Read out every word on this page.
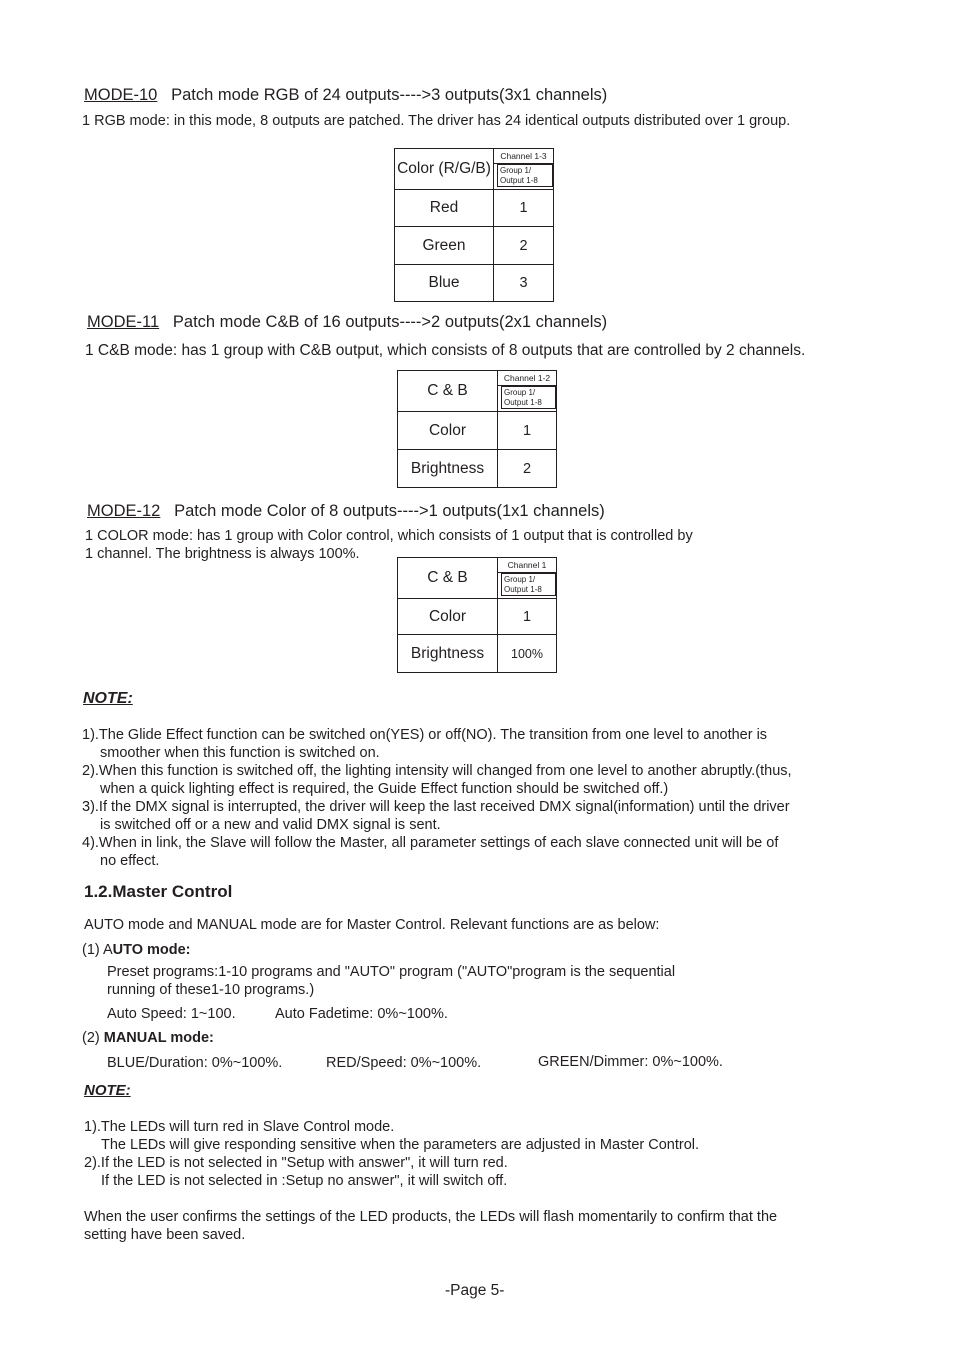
MODE-10 Patch mode RGB of 24 outputs---->3 outputs(3x1 channels)
1 RGB mode: in this mode, 8 outputs are patched. The driver has 24 identical outputs distributed over 1 group.
Color (R/G/B)	Channel 1-3
Group 1/
Output 1-8

Red	1
Green	2
Blue	3
MODE-11 Patch mode C&B of 16 outputs---->2 outputs(2x1 channels)
1 C&B mode: has 1 group with C&B output, which consists of 8 outputs that are controlled by 2 channels.
C & B	Channel 1-2
Group 1/
Output 1-8

Color	1
Brightness	2
MODE-12 Patch mode Color of 8 outputs---->1 outputs(1x1 channels)
1 COLOR mode: has 1 group with Color control, which consists of 1 output that is controlled by
1 channel. The brightness is always 100%.
C & B	Channel 1
Group 1/
Output 1-8

Color	1
Brightness	100%
NOTE:
1).The Glide Effect function can be switched on(YES) or off(NO). The transition from one level to another is
smoother when this function is switched on.
2).When this function is switched off, the lighting intensity will changed from one level to another abruptly.(thus,
when a quick lighting effect is required, the Guide Effect function should be switched off.)
3).If the DMX signal is interrupted, the driver will keep the last received DMX signal(information) until the driver
is switched off or a new and valid DMX signal is sent.
4).When in link, the Slave will follow the Master, all parameter settings of each slave connected unit will be of
no effect.
1.2.Master Control
AUTO mode and MANUAL mode are for Master Control. Relevant functions are as below:
(1) AUTO mode:
Preset programs:1-10 programs and "AUTO" program ("AUTO"program is the sequential
running of these1-10 programs.)
Auto Speed: 1~100.	Auto Fadetime: 0%~100%.
(2) MANUAL mode:
BLUE/Duration: 0%~100%.	RED/Speed: 0%~100%.	GREEN/Dimmer: 0%~100%.
NOTE:
1).The LEDs will turn red in Slave Control mode.
The LEDs will give responding sensitive when the parameters are adjusted in Master Control.
2).If the LED is not selected in "Setup with answer", it will turn red.
If the LED is not selected in :Setup no answer", it will switch off.
When the user confirms the settings of the LED products, the LEDs will flash momentarily to confirm that the
setting have been saved.
-Page 5-
